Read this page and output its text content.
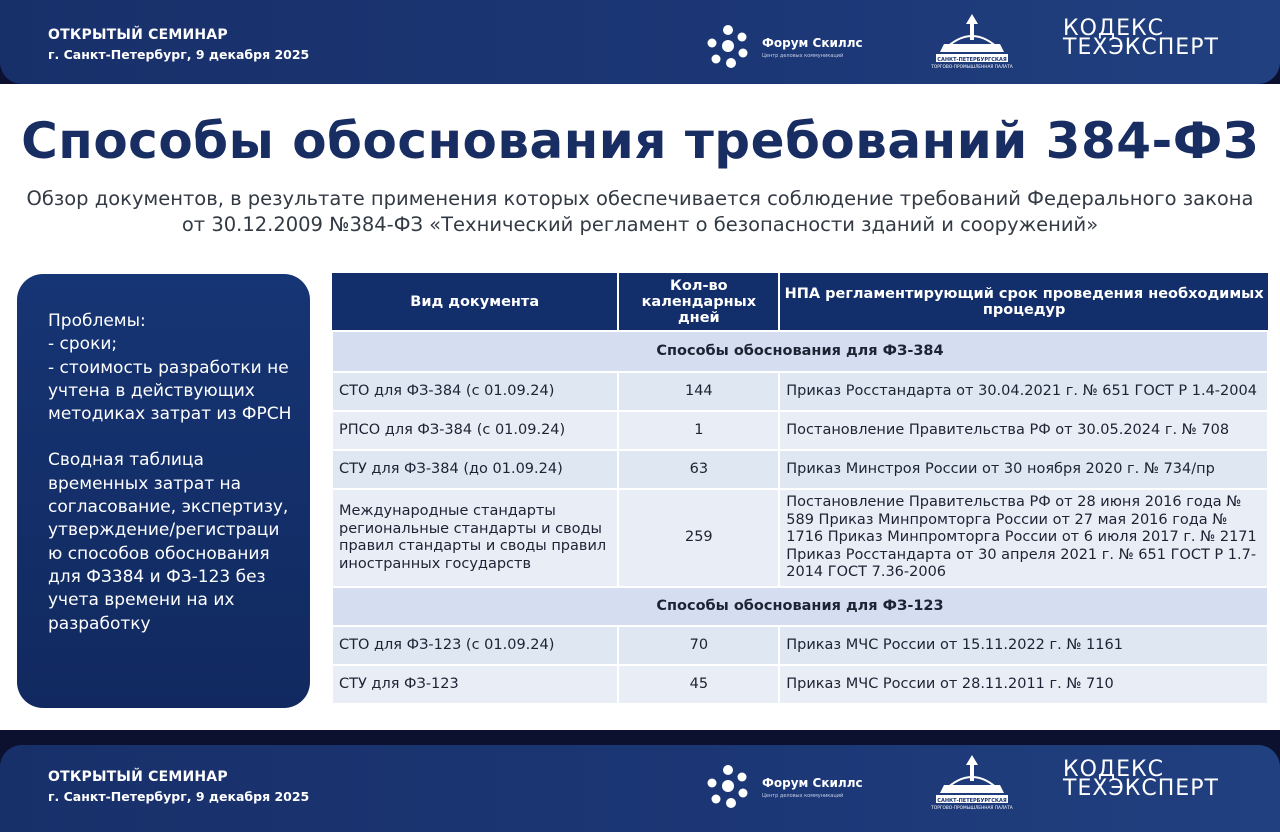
ОТКРЫТЫЙ СЕМИНАР
г. Санкт-Петербург, 9 декабря 2025
Форум Скиллс
Центр деловых коммуникаций
САНКТ-ПЕТЕРБУРГСКАЯ
ТОРГОВО-ПРОМЫШЛЕННАЯ ПАЛАТА
КОДЕКС
ТЕХЭКСПЕРТ
Способы обоснования требований 384-ФЗ
Обзор документов, в результате применения которых обеспечивается соблюдение требований Федерального закона от 30.12.2009 №384-ФЗ «Технический регламент о безопасности зданий и сооружений»

Проблемы:
- сроки;
- стоимость разработки не учтена в действующих методиках затрат из ФРСН

Сводная таблица временных затрат на согласование, экспертизу, утверждение/регистраци ю способов обоснования для ФЗ384 и ФЗ-123 без учета времени на их разработку

Вид документа	Кол-во календарных дней	НПА регламентирующий срок проведения необходимых процедур
Способы обоснования для ФЗ-384		
СТО для ФЗ-384 (с 01.09.24)	144	Приказ Росстандарта от 30.04.2021 г. № 651 ГОСТ Р 1.4-2004
РПСО для ФЗ-384 (с 01.09.24)	1	Постановление Правительства РФ от 30.05.2024 г. № 708
СТУ для ФЗ-384 (до 01.09.24)	63	Приказ Минстроя России от 30 ноября 2020 г. № 734/пр
Международные стандарты региональные стандарты и своды правил стандарты и своды правил иностранных государств	259	Постановление Правительства РФ от 28 июня 2016 года № 589 Приказ Минпромторга России от 27 мая 2016 года № 1716 Приказ Минпромторга России от 6 июля 2017 г. № 2171 Приказ Росстандарта от 30 апреля 2021 г. № 651 ГОСТ Р 1.7-2014 ГОСТ 7.36-2006
Способы обоснования для ФЗ-123		
СТО для ФЗ-123 (с 01.09.24)	70	Приказ МЧС России от 15.11.2022 г. № 1161
СТУ для ФЗ-123	45	Приказ МЧС России от 28.11.2011 г. № 710
ОТКРЫТЫЙ СЕМИНАР
г. Санкт-Петербург, 9 декабря 2025
Форум Скиллс
Центр деловых коммуникаций
САНКТ-ПЕТЕРБУРГСКАЯ
ТОРГОВО-ПРОМЫШЛЕННАЯ ПАЛАТА
КОДЕКС
ТЕХЭКСПЕРТ
